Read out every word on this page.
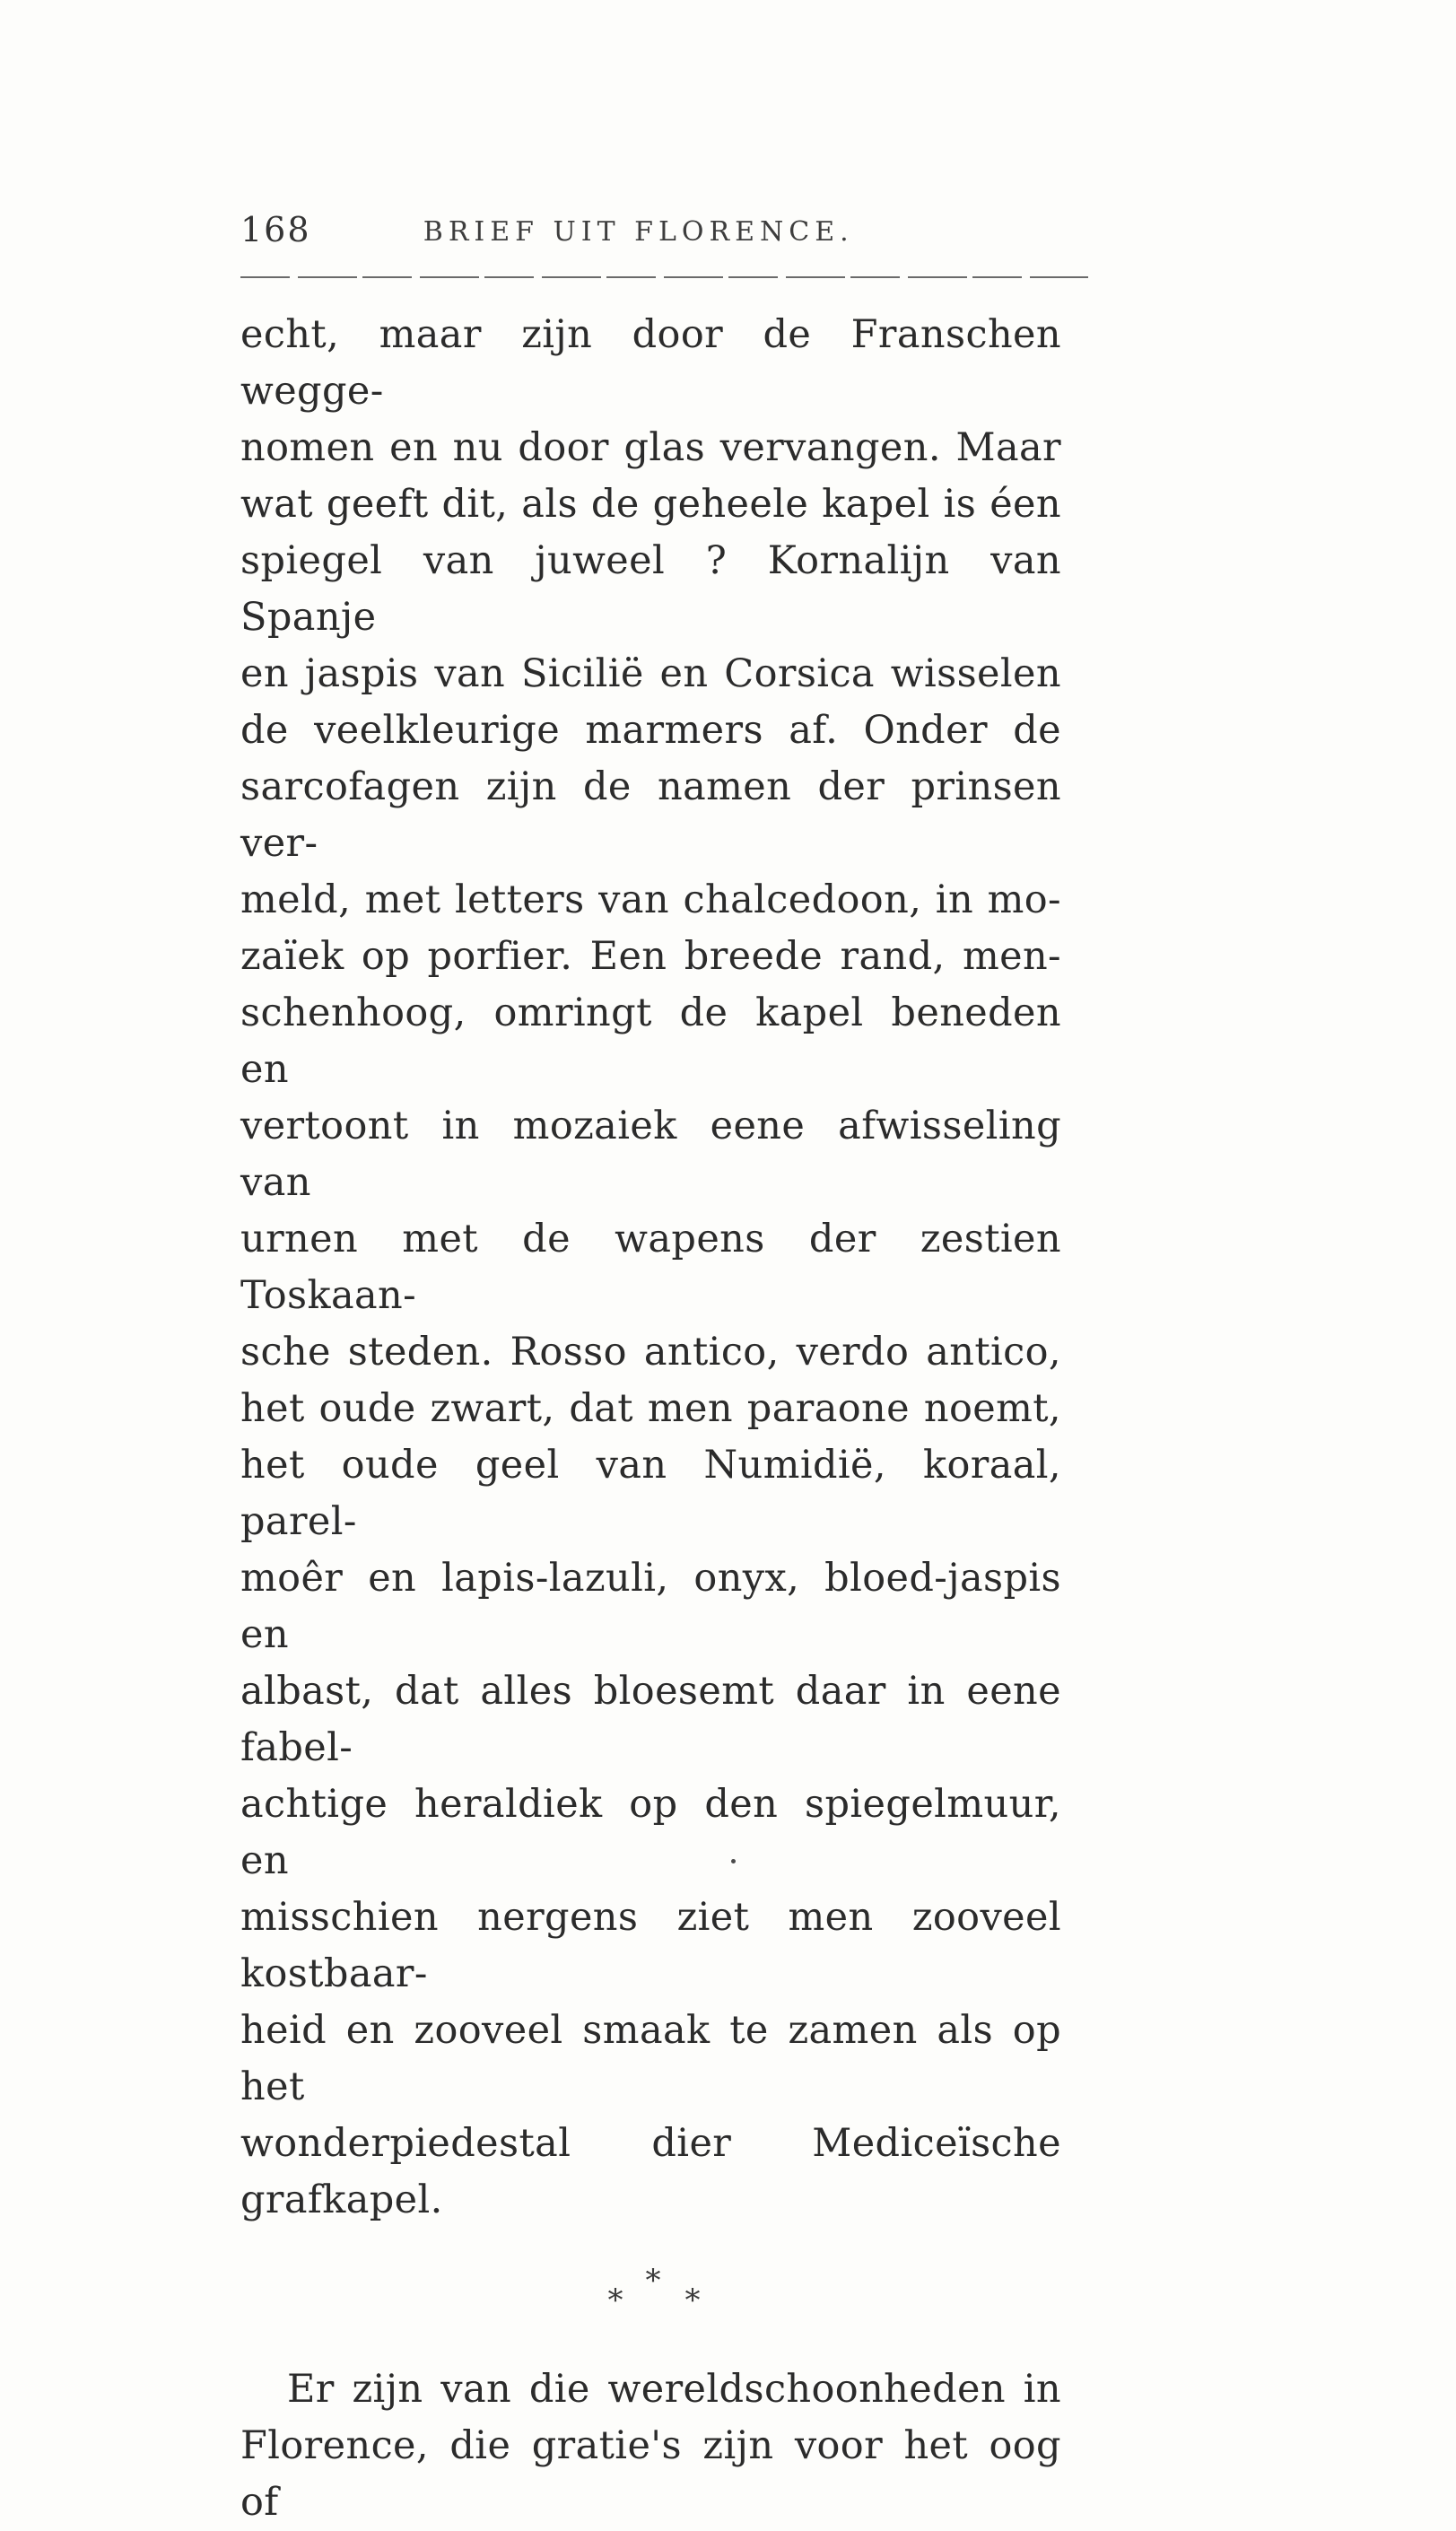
168	BRIEF UIT FLORENCE.
echt, maar zijn door de Franschen wegge-
nomen en nu door glas vervangen. Maar
wat geeft dit, als de geheele kapel is éen
spiegel van juweel ? Kornalijn van Spanje
en jaspis van Sicilië en Corsica wisselen
de veelkleurige marmers af. Onder de
sarcofagen zijn de namen der prinsen ver-
meld, met letters van chalcedoon, in mo-
zaïek op porfier. Een breede rand, men-
schenhoog, omringt de kapel beneden en
vertoont in mozaiek eene afwisseling van
urnen met de wapens der zestien Toskaan-
sche steden. Rosso antico, verdo antico,
het oude zwart, dat men paraone noemt,
het oude geel van Numidië, koraal, parel-
moêr en lapis-lazuli, onyx, bloed-jaspis en
albast, dat alles bloesemt daar in eene fabel-
achtige heraldiek op den spiegelmuur, en
misschien nergens ziet men zooveel kostbaar-
heid en zooveel smaak te zamen als op het
wonderpiedestal dier Mediceïsche grafkapel.
*
*
*
Er zijn van die wereldschoonheden in
Florence, die gratie's zijn voor het oog of
